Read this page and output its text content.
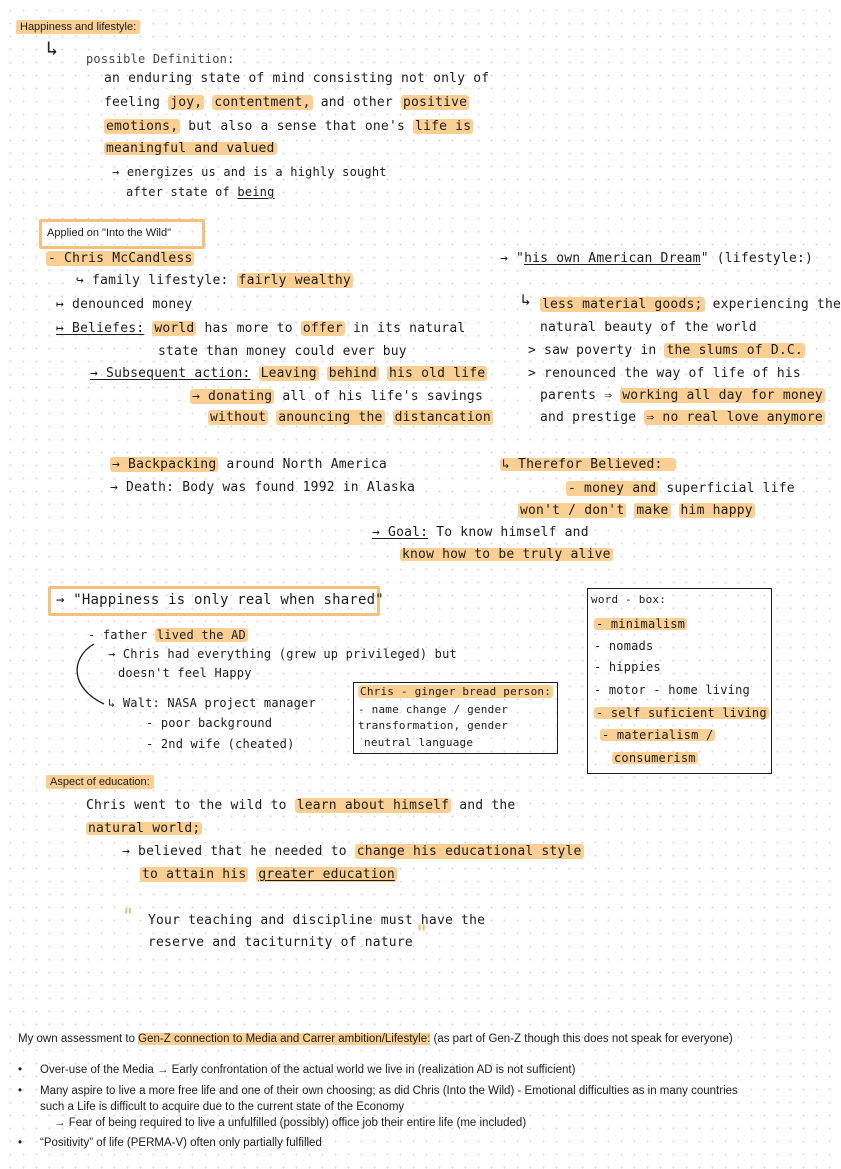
Happiness and lifestyle:
↳ possible Definition:
an enduring state of mind consisting not only of
feeling joy, contentment, and other positive
emotions, but also a sense that one's life is
meaningful and valued
→ energizes us and is a highly sought
after state of being
Applied on "Into the Wild"
- Chris McCandless
↪ family lifestyle: fairly wealthy
↦ denounced money
↦ Beliefes: world has more to offer in its natural
state than money could ever buy
→ Subsequent action: Leaving behind his old life
→ donating all of his life's savings
without anouncing the distancation
→ Backpacking around North America
→ Death: Body was found 1992 in Alaska
→ "his own American Dream" (lifestyle:)
↳ less material goods; experiencing the
natural beauty of the world
> saw poverty in the slums of D.C.
> renounced the way of life of his
parents ⇒ working all day for money
and prestige ⇒ no real love anymore
↳ Therefor Believed:
- money and superficial life
won't / don't make him happy
→ Goal: To know himself and
know how to be truly alive
→ "Happiness is only real when shared"
- father lived the AD
→ Chris had everything (grew up privileged) but
doesn't feel Happy
↳ Walt: NASA project manager
- poor background
- 2nd wife (cheated)
Chris - ginger bread person:
- name change / gender
transformation, gender
neutral language
word - box:
- minimalism
- nomads
- hippies
- motor - home living
- self suficient living
- materialism /
consumerism
Aspect of education:
Chris went to the wild to learn about himself and the
natural world;
→ believed that he needed to change his educational style
to attain his greater education
" Your teaching and discipline must have the
reserve and taciturnity of nature "
My own assessment to Gen-Z connection to Media and Carrer ambition/Lifestyle: (as part of Gen-Z though this does not speak for everyone)
• Over-use of the Media → Early confrontation of the actual world we live in (realization AD is not sufficient)
• Many aspire to live a more free life and one of their own choosing; as did Chris (Into the Wild) - Emotional difficulties as in many countries
such a Life is difficult to acquire due to the current state of the Economy
→ Fear of being required to live a unfulfilled (possibly) office job their entire life (me included)
• “Positivity” of life (PERMA-V) often only partially fulfilled
